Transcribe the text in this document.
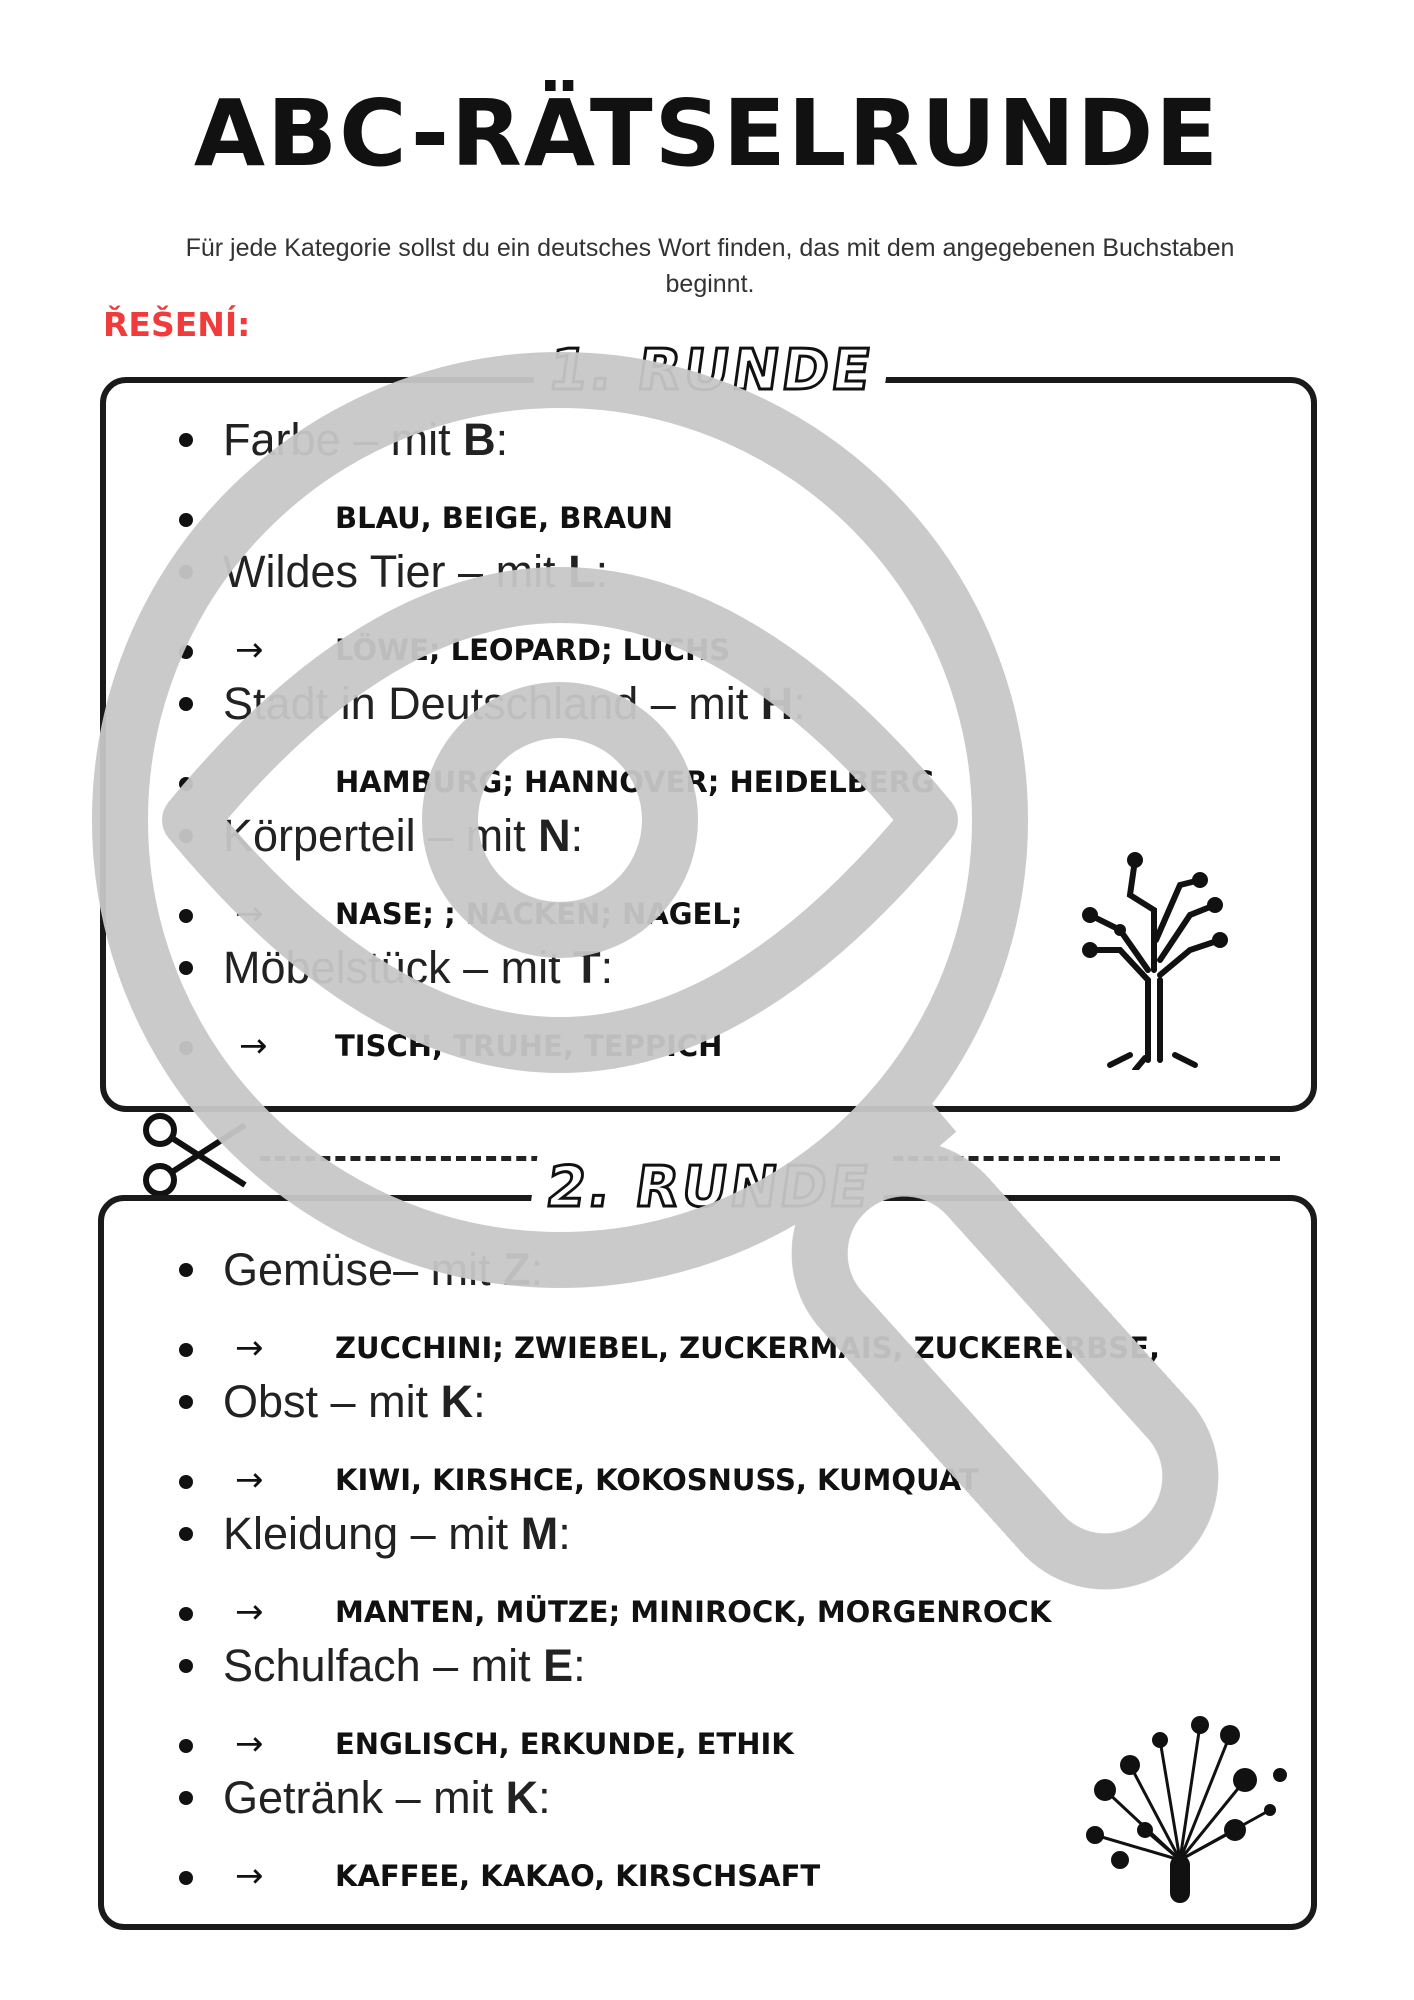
ABC-RÄTSELRUNDE
Für jede Kategorie sollst du ein deutsches Wort finden, das mit dem angegebenen Buchstaben beginnt.
ŘEŠENÍ:
1. RUNDE
Farbe – mit B:
BLAU, BEIGE, BRAUN
Wildes Tier – mit L:
→ LÖWE; LEOPARD; LUCHS
Stadt in Deutschland – mit H:
HAMBURG; HANNOVER; HEIDELBERG
Körperteil – mit N:
→ NASE; ; NACKEN; NAGEL;
Möbelstück – mit T:
→ TISCH, TRUHE, TEPPICH
2. RUNDE
Gemüse– mit Z:
→ ZUCCHINI; ZWIEBEL, ZUCKERMAIS, ZUCKERERBSE,
Obst – mit K:
→ KIWI, KIRSHCE, KOKOSNUSS, KUMQUAT
Kleidung – mit M:
→ MANTEN, MÜTZE; MINIROCK, MORGENROCK
Schulfach – mit E:
→ ENGLISCH, ERKUNDE, ETHIK
Getränk – mit K:
→ KAFFEE, KAKAO, KIRSCHSAFT
